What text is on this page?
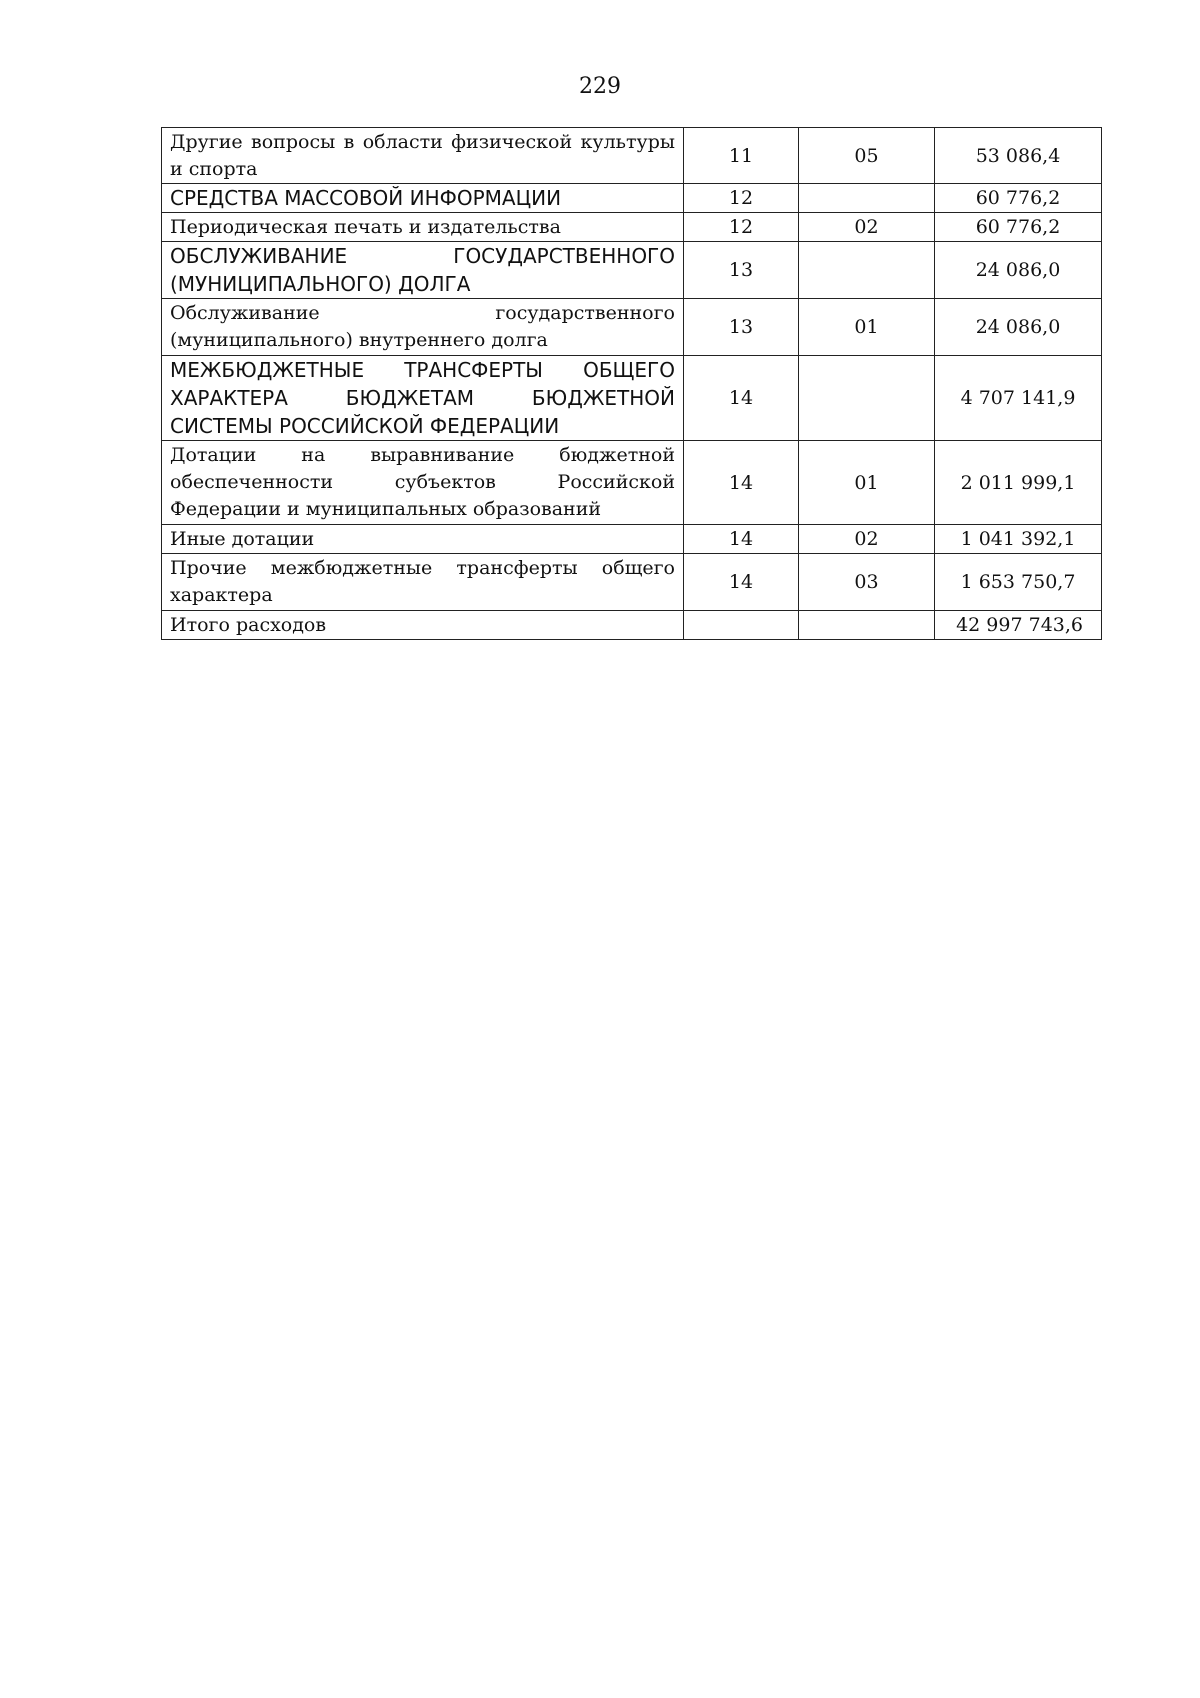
229
Другие вопросы в области физической культуры и спорта	11	05	53 086,4
СРЕДСТВА МАССОВОЙ ИНФОРМАЦИИ	12		60 776,2
Периодическая печать и издательства	12	02	60 776,2
ОБСЛУЖИВАНИЕ ГОСУДАРСТВЕННОГО (МУНИЦИПАЛЬНОГО) ДОЛГА	13		24 086,0
Обслуживание государственного (муниципального) внутреннего долга	13	01	24 086,0
МЕЖБЮДЖЕТНЫЕ ТРАНСФЕРТЫ ОБЩЕГО ХАРАКТЕРА БЮДЖЕТАМ БЮДЖЕТНОЙ СИСТЕМЫ РОССИЙСКОЙ ФЕДЕРАЦИИ	14		4 707 141,9
Дотации на выравнивание бюджетной обеспеченности субъектов Российской Федерации и муниципальных образований	14	01	2 011 999,1
Иные дотации	14	02	1 041 392,1
Прочие межбюджетные трансферты общего характера	14	03	1 653 750,7
Итого расходов			42 997 743,6
